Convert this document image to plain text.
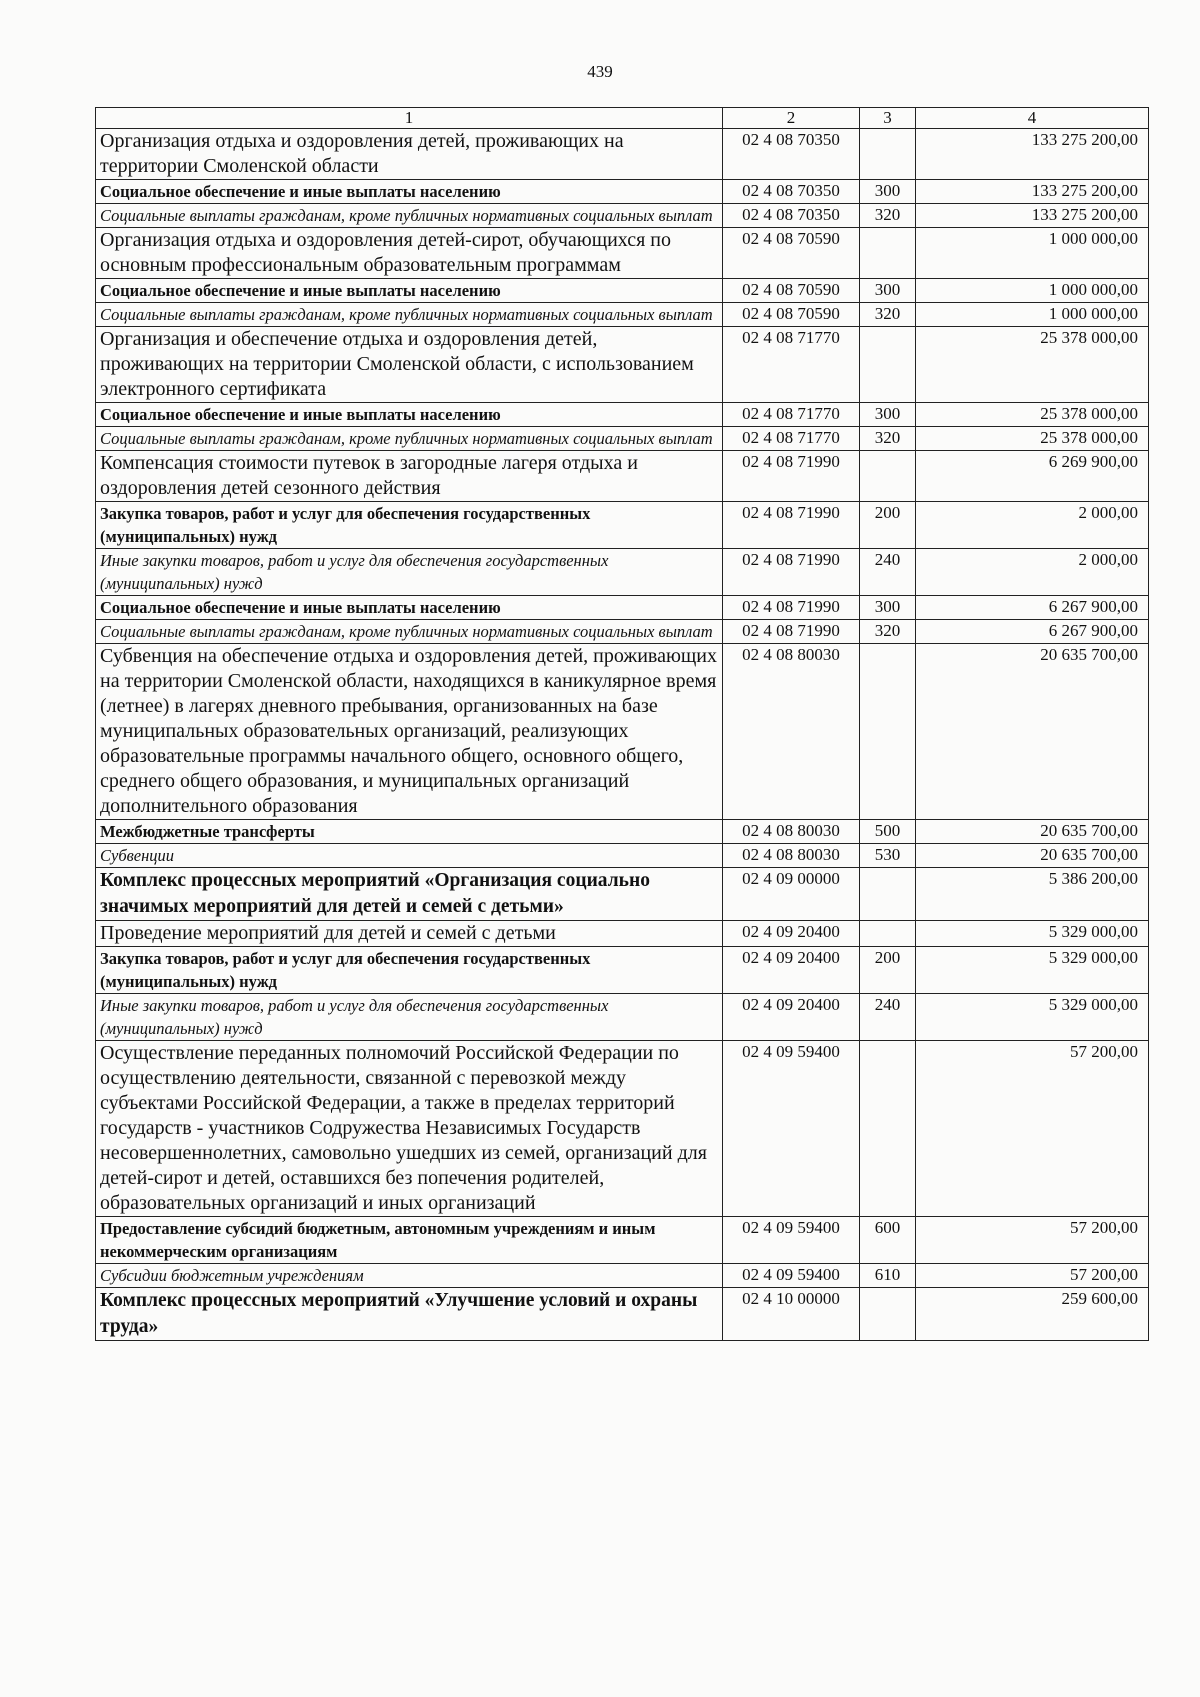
439
1	2	3	4
Организация отдыха и оздоровления детей, проживающих на территории Смоленской области	02 4 08 70350		133 275 200,00
Социальное обеспечение и иные выплаты населению	02 4 08 70350	300	133 275 200,00
Социальные выплаты гражданам, кроме публичных нормативных социальных выплат	02 4 08 70350	320	133 275 200,00
Организация отдыха и оздоровления детей-сирот, обучающихся по основным профессиональным образовательным программам	02 4 08 70590		1 000 000,00
Социальное обеспечение и иные выплаты населению	02 4 08 70590	300	1 000 000,00
Социальные выплаты гражданам, кроме публичных нормативных социальных выплат	02 4 08 70590	320	1 000 000,00
Организация и обеспечение отдыха и оздоровления детей, проживающих на территории Смоленской области, с использованием электронного сертификата	02 4 08 71770		25 378 000,00
Социальное обеспечение и иные выплаты населению	02 4 08 71770	300	25 378 000,00
Социальные выплаты гражданам, кроме публичных нормативных социальных выплат	02 4 08 71770	320	25 378 000,00
Компенсация стоимости путевок в загородные лагеря отдыха и оздоровления детей сезонного действия	02 4 08 71990		6 269 900,00
Закупка товаров, работ и услуг для обеспечения государственных (муниципальных) нужд	02 4 08 71990	200	2 000,00
Иные закупки товаров, работ и услуг для обеспечения государственных (муниципальных) нужд	02 4 08 71990	240	2 000,00
Социальное обеспечение и иные выплаты населению	02 4 08 71990	300	6 267 900,00
Социальные выплаты гражданам, кроме публичных нормативных социальных выплат	02 4 08 71990	320	6 267 900,00
Субвенция на обеспечение отдыха и оздоровления детей, проживающих на территории Смоленской области, находящихся в каникулярное время (летнее) в лагерях дневного пребывания, организованных на базе муниципальных образовательных организаций, реализующих образовательные программы начального общего, основного общего, среднего общего образования, и муниципальных организаций дополнительного образования	02 4 08 80030		20 635 700,00
Межбюджетные трансферты	02 4 08 80030	500	20 635 700,00
Субвенции	02 4 08 80030	530	20 635 700,00
Комплекс процессных мероприятий «Организация социально значимых мероприятий для детей и семей с детьми»	02 4 09 00000		5 386 200,00
Проведение мероприятий для детей и семей с детьми	02 4 09 20400		5 329 000,00
Закупка товаров, работ и услуг для обеспечения государственных (муниципальных) нужд	02 4 09 20400	200	5 329 000,00
Иные закупки товаров, работ и услуг для обеспечения государственных (муниципальных) нужд	02 4 09 20400	240	5 329 000,00
Осуществление переданных полномочий Российской Федерации по осуществлению деятельности, связанной с перевозкой между субъектами Российской Федерации, а также в пределах территорий государств - участников Содружества Независимых Государств несовершеннолетних, самовольно ушедших из семей, организаций для детей-сирот и детей, оставшихся без попечения родителей, образовательных организаций и иных организаций	02 4 09 59400		57 200,00
Предоставление субсидий бюджетным, автономным учреждениям и иным некоммерческим организациям	02 4 09 59400	600	57 200,00
Субсидии бюджетным учреждениям	02 4 09 59400	610	57 200,00
Комплекс процессных мероприятий «Улучшение условий и охраны труда»	02 4 10 00000		259 600,00
